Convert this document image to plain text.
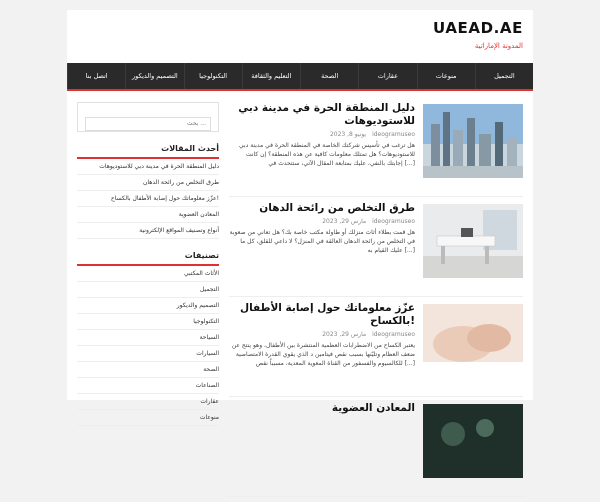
UAEAD.AE
المدونة الإماراتية
التجميل
منوعات
عقارات
الصحة
التعليم والثقافة
التكنولوجيا
التصميم والديكور
اتصل بنا
بحث ...
أحدث المقالات
دليل المنطقة الحرة في مدينة دبي للاستوديوهات
طرق التخلص من رائحة الدهان
عزّز معلوماتك حول إصابة الأطفال بالكساح!
المعادن العضوية
أنواع وتصنيف المواقع الإلكترونية
تصنيفات
الأثاث المكتبي
التجميل
التصميم والديكور
التكنولوجيا
السياحة
السيارات
الصحة
الصناعات
عقارات
منوعات
دليل المنطقة الحرة في مدينة دبي للاستوديوهات
يونيو 8, 2023 ideogramuseo
هل ترغب في تأسيس شركتك الخاصة في المنطقة الحرة في مدينة دبي للاستوديوهات؟ هل تمتلك معلومات كافية عن هذه المنطقة؟ إن كانت إجابتك بالنفي، عليك بمتابعة المقال الآتي، ستتحدث في [...]
طرق التخلص من رائحة الدهان
مارس 29, 2023 ideogramuseo
هل قمت بطلاء أثاث منزلك أو طاولة مكتب خاصة بك؟ هل تعاني من صعوبة في التخلص من رائحة الدهان العالقة في المنزل؟ لا داعي للقلق، كل ما عليك القيام به [...]
عزّز معلوماتك حول إصابة الأطفال بالكساح!
مارس 29, 2023 ideogramuseo
يعتبر الكساح من الاضطرابات العظمية المنتشرة بين الأطفال، وهو ينتج عن ضعف العظام وتليّنها بسبب نقص فيتامين د الذي يقوي القدرة الامتصاصية للكالسيوم والفسفور من القناة المعوية المعدية، مسبباً نقص [...]
المعادن العضوية
